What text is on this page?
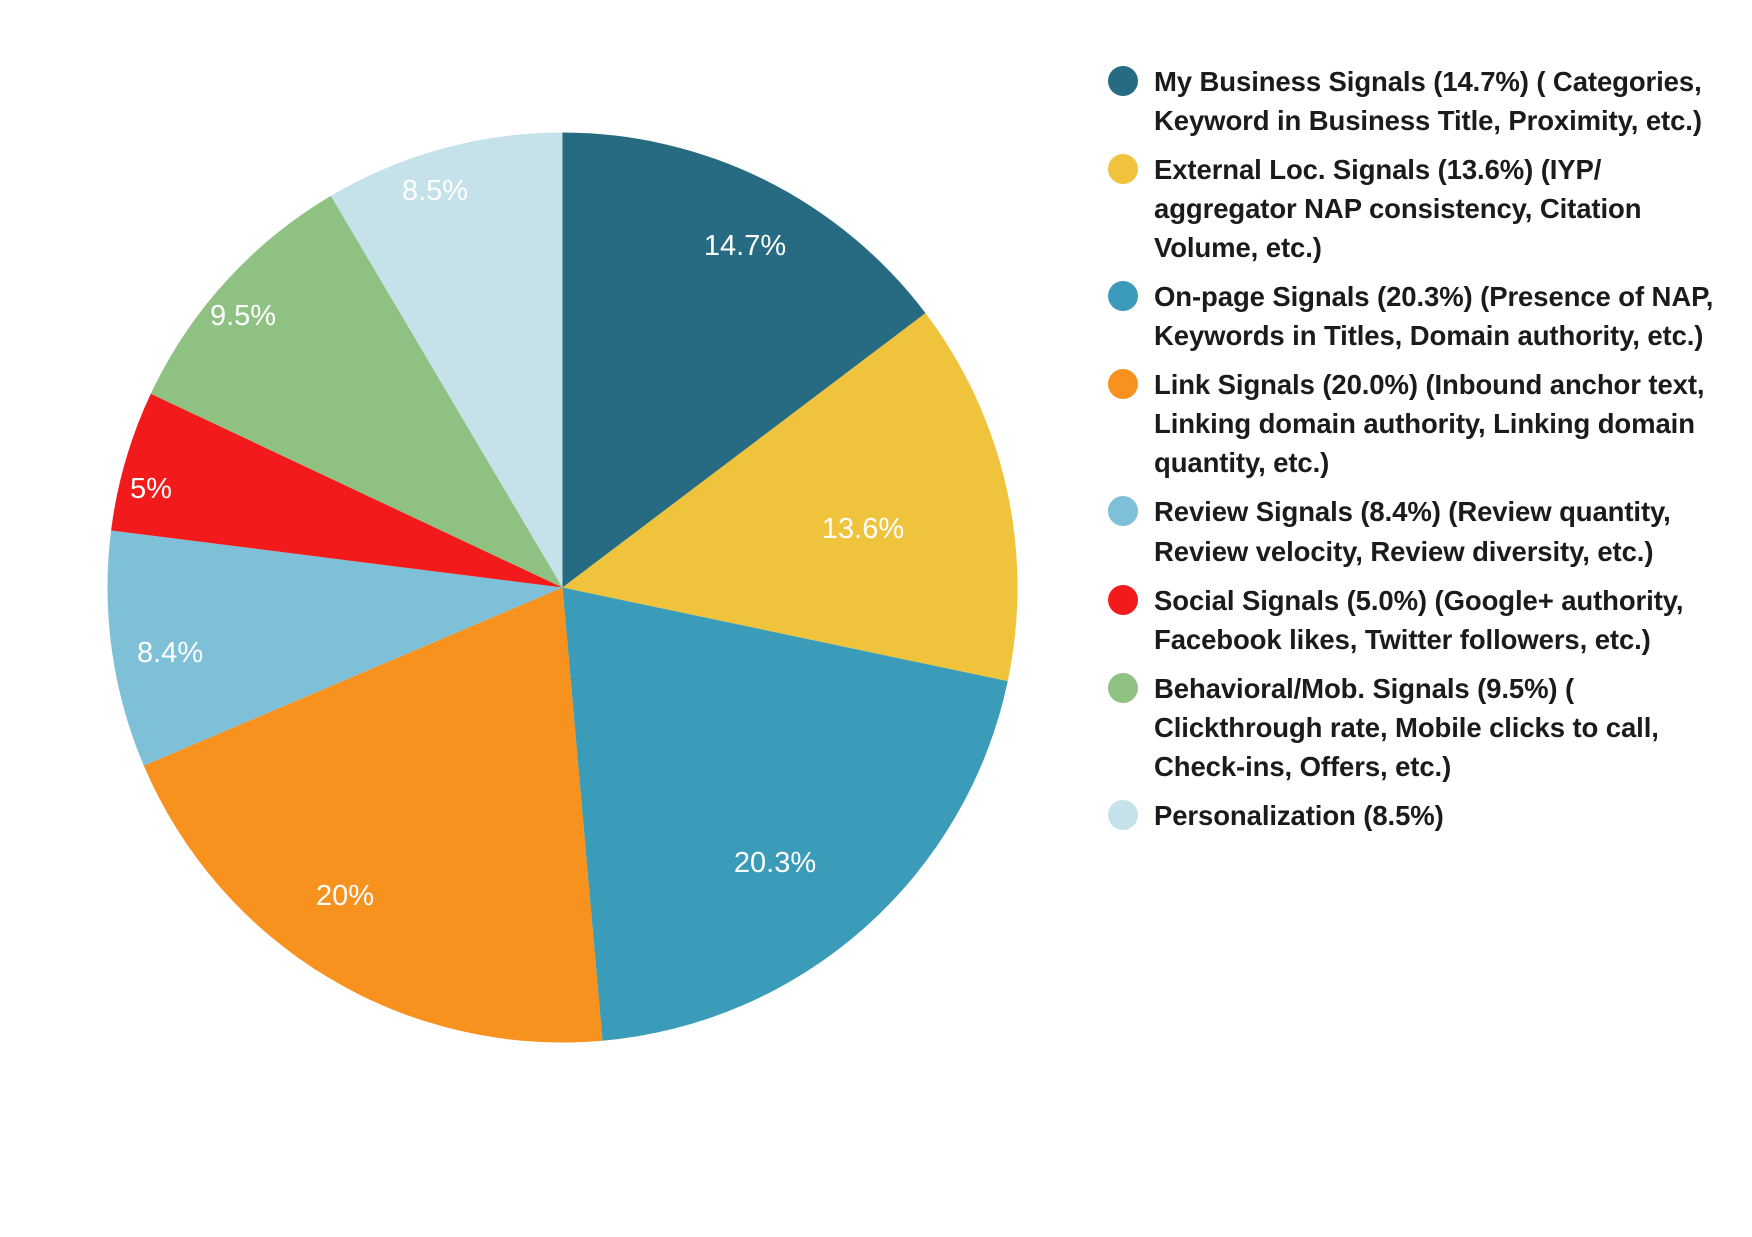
14.7%
13.6%
20.3%
20%
8.4%
5%
9.5%
8.5%
My Business Signals (14.7%) ( Categories, Keyword in Business Title, Proximity, etc.)
External Loc. Signals (13.6%) (IYP/ aggregator NAP consistency, Citation Volume, etc.)
On-page Signals (20.3%) (Presence of NAP, Keywords in Titles, Domain authority, etc.)
Link Signals (20.0%) (Inbound anchor text, Linking domain authority, Linking domain quantity, etc.)
Review Signals (8.4%) (Review quantity, Review velocity, Review diversity, etc.)
Social Signals (5.0%) (Google+ authority, Facebook likes, Twitter followers, etc.)
Behavioral/Mob. Signals (9.5%) ( Clickthrough rate, Mobile clicks to call, Check-ins, Offers, etc.)
Personalization (8.5%)
